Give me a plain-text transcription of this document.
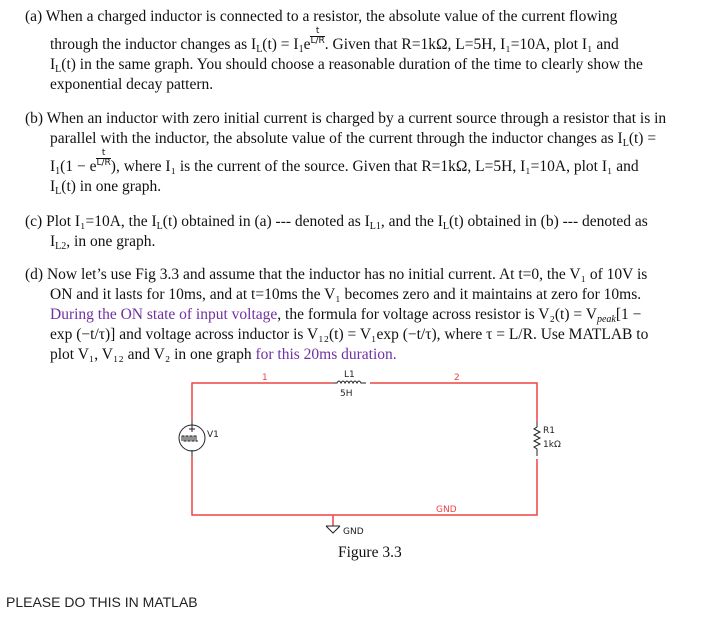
(a) When a charged inductor is connected to a resistor, the absolute value of the current flowing
through the inductor changes as $IL(t) = I1e \frac{t}{L/R}$ . Given that R=1kΩ, L=5H, I₁=10A, plot I₁ and
IL(t) in the same graph. You should choose a reasonable duration of the time to clearly show the
exponential decay pattern.
(b) When an inductor with zero initial current is charged by a current source through a resistor that is in
parallel with the inductor, the absolute value of the current through the inductor changes as IL(t) =
I1(1 − e $\frac{t}{L/R}$ ), where I₁ is the current of the source. Given that R=1kΩ, L=5H, I₁=10A, plot I₁ and
IL(t) in one graph.
(c) Plot I₁=10A, the IL(t) obtained in (a) --- denoted as IL1, and the IL(t) obtained in (b) --- denoted as
IL2, in one graph.
(d) Now let’s use Fig 3.3 and assume that the inductor has no initial current. At t=0, the V₁ of 10V is
ON and it lasts for 10ms, and at t=10ms the V₁ becomes zero and it maintains at zero for 10ms.
During the ON state of input voltage, the formula for voltage across resistor is V₂(t) = Vpeak[1 −
exp (−t/τ)] and voltage across inductor is V₁₂(t) = V₁exp (−t/τ), where τ = L/R. Use MATLAB to
plot V₁, V₁₂ and V₂ in one graph for this 20ms duration.
1	2
L1
5H
V1	R1
1kΩ
GND
GND
Figure 3.3
PLEASE DO THIS IN MATLAB
